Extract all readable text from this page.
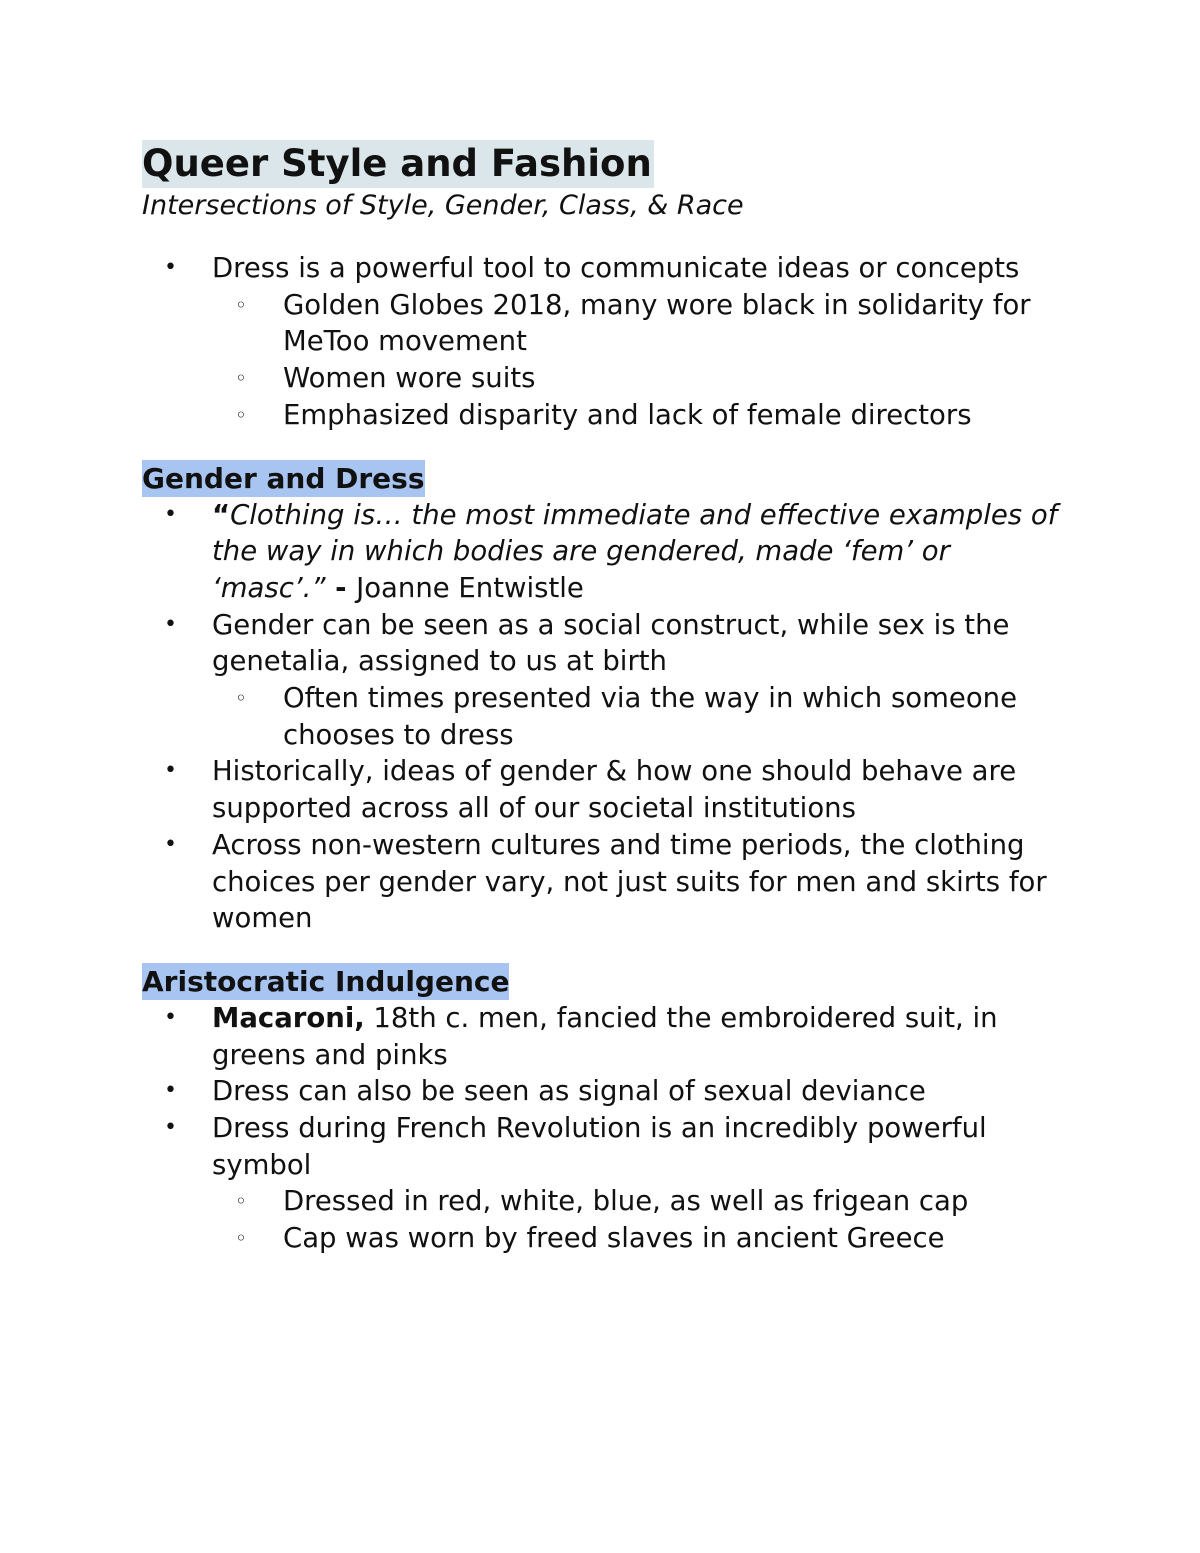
Queer Style and Fashion

Intersections of Style, Gender, Class, & Race

• Dress is a powerful tool to communicate ideas or concepts
◦ Golden Globes 2018, many wore black in solidarity for MeToo movement
◦ Women wore suits
◦ Emphasized disparity and lack of female directors
Gender and Dress
• “Clothing is… the most immediate and effective examples of the way in which bodies are gendered, made ‘fem’ or ‘masc’.” - Joanne Entwistle
• Gender can be seen as a social construct, while sex is the genetalia, assigned to us at birth
◦ Often times presented via the way in which someone chooses to dress
• Historically, ideas of gender & how one should behave are supported across all of our societal institutions
• Across non-western cultures and time periods, the clothing choices per gender vary, not just suits for men and skirts for women
Aristocratic Indulgence
• Macaroni, 18th c. men, fancied the embroidered suit, in greens and pinks
• Dress can also be seen as signal of sexual deviance
• Dress during French Revolution is an incredibly powerful symbol
◦ Dressed in red, white, blue, as well as frigean cap
◦ Cap was worn by freed slaves in ancient Greece
